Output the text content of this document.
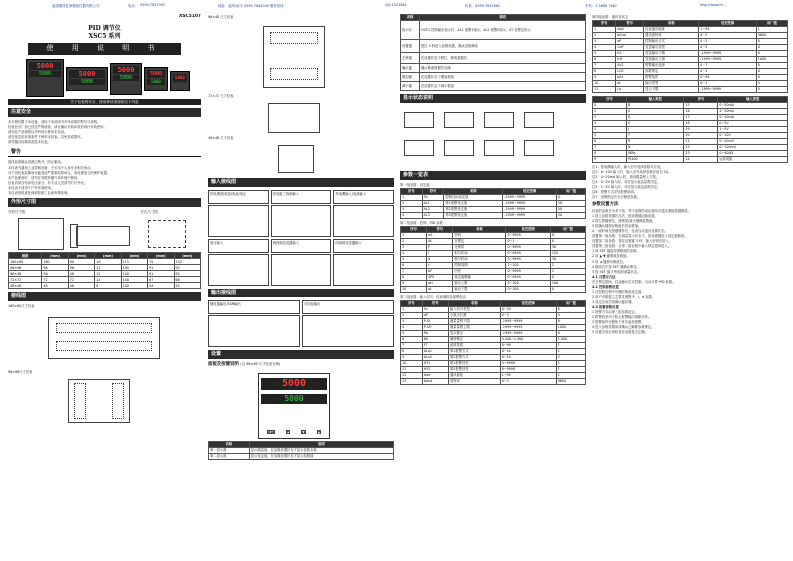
福建顺昌虹润精密仪器有限公司	电话： 0599-7837092	地址：福州/南平 0599-7845000 服务热线	QQ:1523084	传真：0599-7837862	手机：1-3888 7962	http://www.hr...
XSC5107
PID 调节仪
XSC5 系列
使 用 说 明 书
5000
5000	5000
5000
5000
5000
5000
5000
5000
关于仪表的安全、使用事项请阅读以下内容
注意安全
本手册仅限于本设备，适用于本说明书中所说明的型号与规格。
仪表在出厂前已经过严格检验，请在确认安装环境后再行安装使用。
请勿在产品规格以外的场合使用本仪表。
请在规定的环境条件下使用本仪表，以免造成损坏。
请勿擅自拆卸或改装本仪表。
警告
接线前请确认电源已断开，防止触电。
本仪表为通用工业控制设备，不可用于人身安全相关场合。
对于因仪表故障而可能造成严重事故的场合，请设置独立的保护装置。
本产品使用时，请勿在易燃易爆气体环境中使用。
仪表内部含有高电压部分，非专业人员请勿打开外壳。
本仪表不适用于户外环境使用。
本仪表的报废处理请按照工业废弃物处理。
外形尺寸图
外形尺寸图：	开孔尺寸图：
规格	(mm)	(mm)	(mm)	(mm)	(mm)	(mm)
160×80	160	80	10	115	75	152
96×96	96	96	12	100	91	92
96×48	96	48	12	100	91	92
72×72	72	72	12	100	67	68
48×48	48	48	8	100	44	45
接线图
160×80尺寸仪表
96×96尺寸仪表
96×48 尺寸仪表
72×72 尺寸仪表
48×48 尺寸仪表
输入接线图
热电偶/热电阻/电流/电压	热电阻三线制输入	热电偶输入/电流输入
电压输入	两线制变送器输入	四线制变送器输入
输出接线图
继电器输出/SSR输出	可控硅输出
设置
面板及按键说明 (以 96×96 尺寸仪表为例)
5000
5000
SET	◄	▼	▲
名称	说明
第一显示窗	显示测量值，在参数设置状态下显示参数名称
第二显示窗	显示设定值，在参数设置状态下显示参数值
名称	说明
指示灯	OUT1 控制输出指示灯；AL1 报警1指示；AL2 报警2指示；AT 自整定指示
设置键	按住 3 秒进入参数设置，确认参数修改
左移键	在设置状态下移位，修改数据位
确认键	确认修改数据并存储
增加键	在设置状态下增加数值
减小键	在设置状态下减小数值
显示状态说明
参数一览表
第一组参数：设定值
序号	符号	名称	设定范围	出厂值
1	Sv	控制目标设定值	-1999~9999	0
2	AL1	第1报警设定值	-1999~9999	50
3	AL2	第2报警设定值	-1999~9999	50
4	AL3	第3报警设定值	-1999~9999	50
第二组参数：密码、PID 参数
序号	符号	名称	设定范围	出厂值
1	oA	密码	0~9999	0
2	At	自整定	0~1	0
3	P	比例带	0~9999	30
4	I	积分时间	0~9999	120
5	d	微分时间	0~9999	30
6	t	控制周期	1~100	2
7	dF	回差	0~9999	1
8	SPS	设定值限幅	0~9999	0
9	oH	输出上限	0~100	100
10	oL	输出下限	0~100	0
第三组参数：输入信号、仪表调校及报警组态
序号	符号	名称	设定范围	出厂值
1	Sn	输入信号类型	0~29	K
2	dP	小数点位置	0~3	0
3	P-SL	测量量程下限	-1999~9999	0
4	P-SH	测量量程上限	-1999~9999	1000
5	Pb	零点修正	-1999~9999	0
6	KK	满度修正	0.500~1.500	1.000
7	FT	滤波系数	0~99	1
8	ALo1	第1报警方式	0~10	1
9	ALo2	第2报警方式	0~10	2
10	HY1	第1报警回差	0~9999	1
11	HY2	第2报警回差	0~9999	1
12	Add	通讯地址	1~99	1
13	bAud	波特率	0~3	9600
第四组参数：通讯及其它
序号	符号	名称	设定范围	出厂值
1	Add	仪表通讯地址	1~99	1
2	bAud	通讯波特率	0~3	9600
3	oP	控制输出方式	0~2	0
4	CoP	变送输出类型	0~3	0
5	trL	变送输出下限	-1999~9999	0
6	trH	变送输出上限	-1999~9999	1000
7	ALS	报警输出选择	0~7	0
8	LCK	参数锁定	0~1	0
9	bAL	报警延时	0~99	0
10	ot	输出类型	0~3	0
11	Lo	显示下限	-1999~9999	0
序号	输入类型	序号	输入类型
0	B	15	0~20mA
1	S	16	4~20mA
2	K	17	0~10mA
3	E	18	0~5V
4	J	19	1~5V
5	T	20	0~10V
6	R	21	0~20mV
7	N	22	0~100mV
8	WRe	23	0~400Ω
9	Pt100	24	远传电阻
注1：热电偶输入时，输入信号选择参数对应表。
注2：0~10V 输入时，输入信号选择参数应设为 20。
注3：4~20mA 输入时，请设置量程上下限。
注4：0~5V 输入时，对应显示值由量程决定。
注5：1~5V 输入时，对应显示值由量程决定。
注6：报警方式详见报警说明。
注7：参数锁定后无法修改参数。
参数设置方法
仪表的参数分为若干组，每个参数的设定值均可通过面板按键修改。
1 进入参数设置状态后，按设置键切换参数。
2 按左移键移位，按增加/减小键修改数值。
3 按确认键保存修改后的参数值。
4 一段时间无按键操作后，仪表自动退出设置状态。
设置第一组参数：在测量显示状态下，按设置键进入设定值修改。
设置第二组参数：按住设置键 3 秒，输入密码后进入。
设置第三组参数：在第二组参数中输入特定密码进入。
1 用 SET 键选择需修改的参数。
2 用 ▲ ▼ 键修改参数值。
3 用 ◄ 键移动修改位。
4 修改完毕按 SET 键确认保存。
5 按 SET 键 3 秒返回测量状态。
4.1 自整定方法
在自整定期间，仪表输出位式控制，自动计算 PID 参数。
4.2 控制参数设置
1 在控制过程中可随时修改设定值。
2 用户可根据工艺要求调整 P、I、d 参数。
3 设定完成后按确认键存储。
4.3 报警参数设置
1 报警方式由第三组参数设定。
2 报警回差用于防止报警输出频繁动作。
3 报警延时可避免干扰引起误报警。
4 进入参数设置前请确认已解除参数锁定。
5 设置完成后请检查各参数是否正确。
